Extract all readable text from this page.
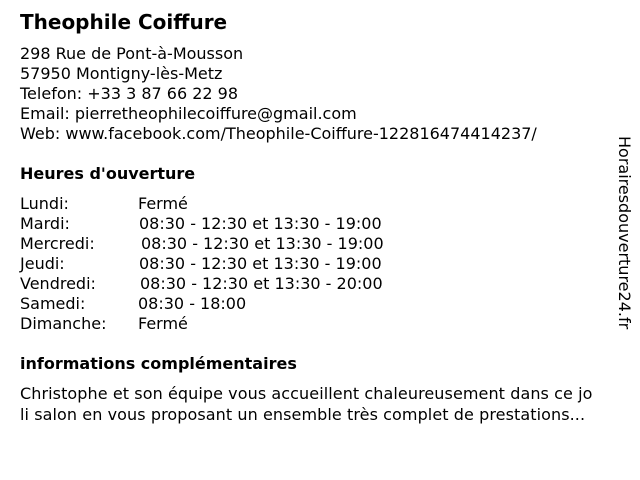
Theophile Coiffure
298 Rue de Pont-à-Mousson
57950 Montigny-lès-Metz
Telefon: +33 3 87 66 22 98
Email: pierretheophilecoiffure@gmail.com
Web: www.facebook.com/Theophile-Coiffure-122816474414237/
Heures d'ouverture
Lundi:	Fermé
Mardi:	08:30 - 12:30 et 13:30 - 19:00
Mercredi:	08:30 - 12:30 et 13:30 - 19:00
Jeudi:	08:30 - 12:30 et 13:30 - 19:00
Vendredi:	08:30 - 12:30 et 13:30 - 20:00
Samedi:	08:30 - 18:00
Dimanche: Fermé
informations complémentaires
Christophe et son équipe vous accueillent chaleureusement dans ce jo
li salon en vous proposant un ensemble très complet de prestations...
Horairesdouverture24.fr
